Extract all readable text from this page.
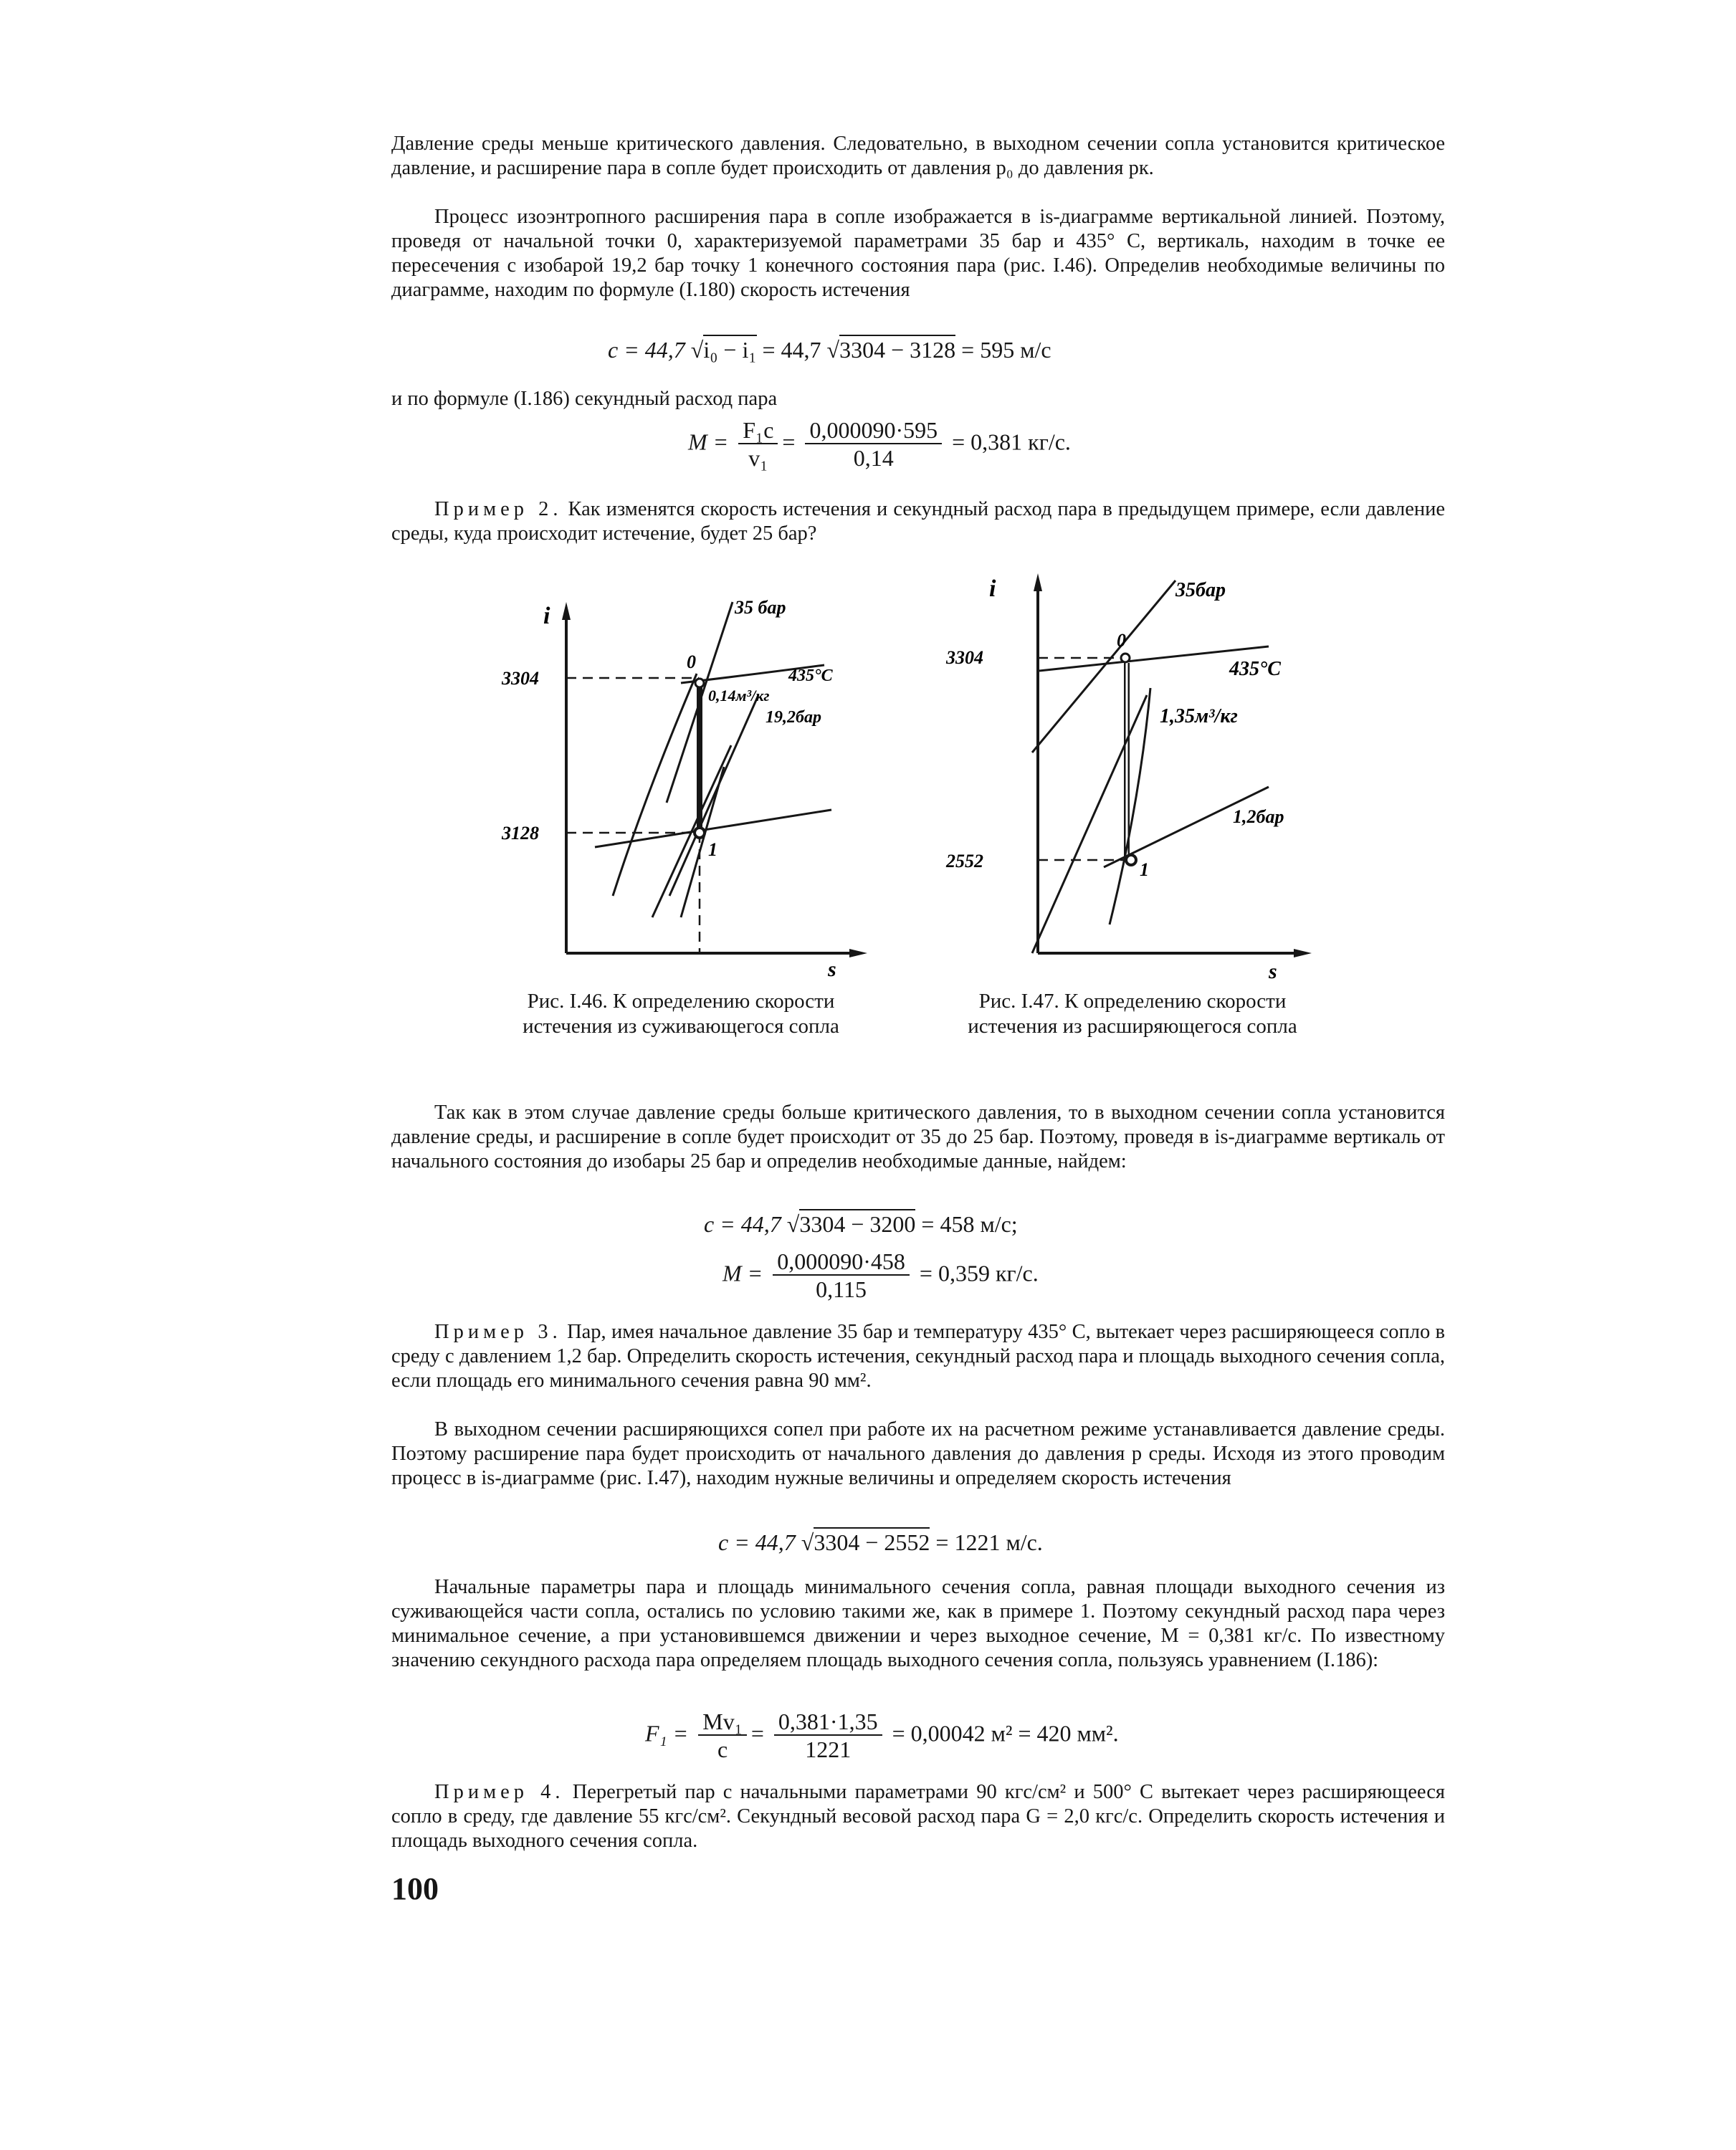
Давление среды меньше критического давления. Следовательно, в выходном сечении сопла установится критическое давление, и расширение пара в сопле будет происходить от давления p₀ до давления pк.

Процесс изоэнтропного расширения пара в сопле изображается в is-диаграмме вертикальной линией. Поэтому, проведя от начальной точки 0, характеризуемой параметрами 35 бар и 435° С, вертикаль, находим в точке ее пересечения с изобарой 19,2 бар точку 1 конечного состояния пара (рис. I.46). Определив необходимые величины по диаграмме, находим по формуле (I.180) скорость истечения

c = 44,7 √i₀ − i₁ = 44,7 √3304 − 3128 = 595 м/с

и по формуле (I.186) секундный расход пара

$M = \frac{\text{F₁c}}{\text{v₁}} = \frac{0,000090\cdot 595}{0,14} = 0,381$ кг/с.

Пример 2. Как изменятся скорость истечения и секундный расход пара в предыдущем примере, если давление среды, куда происходит истечение, будет 25 бар?

i
s
3304
3128
0
1
35 бар
435°С
0,14м³/кг
19,2бар
Рис. I.46. К определению скорости истечения из суживающегося сопла
i
s
3304
2552
0
1
35бар
435°С
1,35м³/кг
1,2бар
Рис. I.47. К определению скорости истечения из расширяющегося сопла

Так как в этом случае давление среды больше критического давления, то в выходном сечении сопла установится давление среды, и расширение в сопле будет происходит от 35 до 25 бар. Поэтому, проведя в is-диаграмме вертикаль от начального состояния до изобары 25 бар и определив необходимые данные, найдем:

c = 44,7 √3304 − 3200 = 458 м/с;
$M = \frac{0,000090\cdot 458}{0,115} = 0,359$ кг/с.

Пример 3. Пар, имея начальное давление 35 бар и температуру 435° С, вытекает через расширяющееся сопло в среду с давлением 1,2 бар. Определить скорость истечения, секундный расход пара и площадь выходного сечения сопла, если площадь его минимального сечения равна 90 мм².

В выходном сечении расширяющихся сопел при работе их на расчетном режиме устанавливается давление среды. Поэтому расширение пара будет происходить от начального давления до давления p среды. Исходя из этого проводим процесс в is-диаграмме (рис. I.47), находим нужные величины и определяем скорость истечения

c = 44,7 √3304 − 2552 = 1221 м/с.

Начальные параметры пара и площадь минимального сечения сопла, равная площади выходного сечения из суживающейся части сопла, остались по условию такими же, как в примере 1. Поэтому секундный расход пара через минимальное сечение, а при установившемся движении и через выходное сечение, M = 0,381 кг/с. По известному значению секундного расхода пара определяем площадь выходного сечения сопла, пользуясь уравнением (I.186):

$F_1 = \frac{\text{Mv₁}}{c} = \frac{0,381\cdot 1,35}{1221} = 0,00042$ м² = 420 мм².

Пример 4. Перегретый пар с начальными параметрами 90 кгс/см² и 500° С вытекает через расширяющееся сопло в среду, где давление 55 кгс/см². Секундный весовой расход пара G = 2,0 кгс/с. Определить скорость истечения и площадь выходного сечения сопла.

100
